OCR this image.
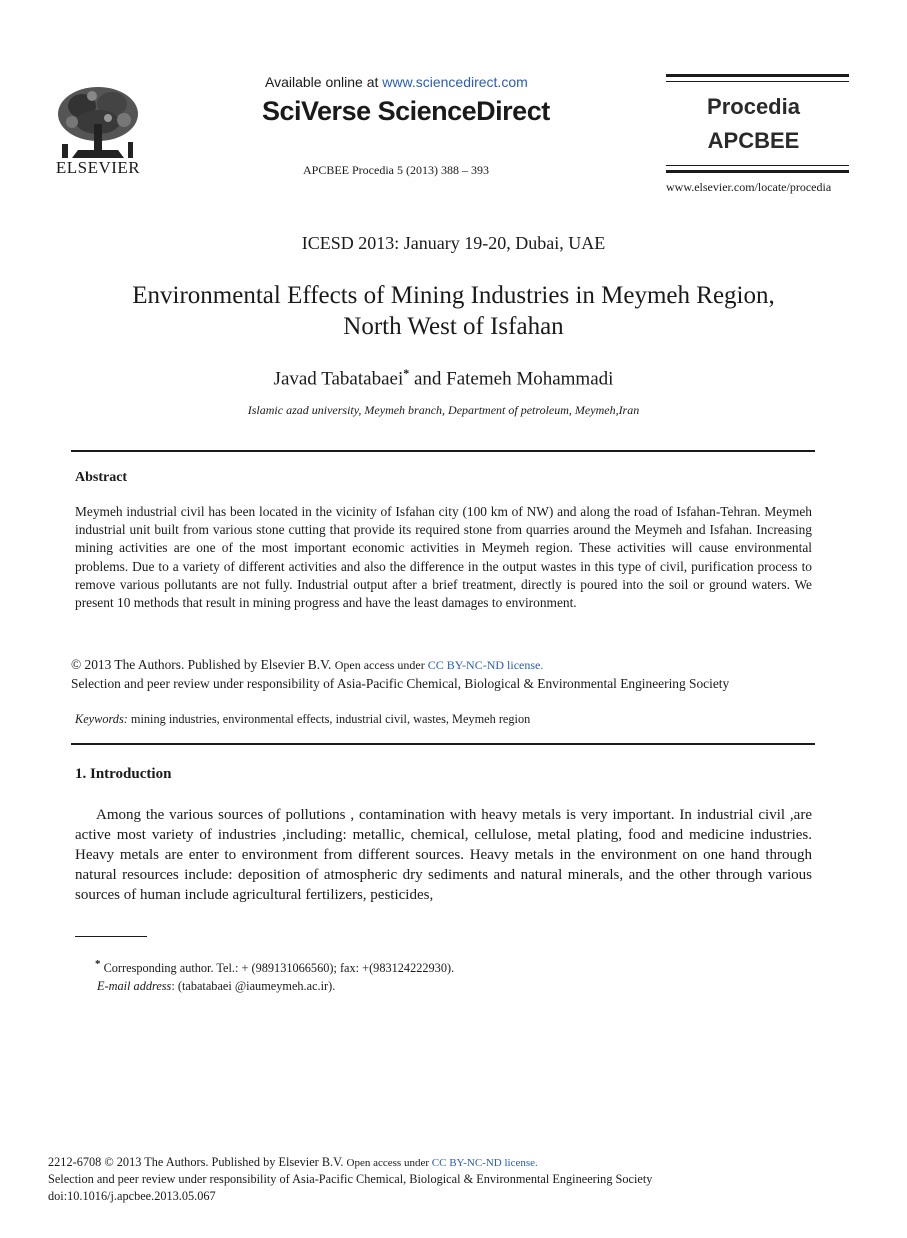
ELSEVIER
Available online at www.sciencedirect.com
SciVerse ScienceDirect
APCBEE Procedia 5 (2013) 388 – 393
Procedia
APCBEE
www.elsevier.com/locate/procedia
ICESD 2013: January 19-20, Dubai, UAE
Environmental Effects of Mining Industries in Meymeh Region,
North West of Isfahan
Javad Tabatabaei* and Fatemeh Mohammadi
Islamic azad university, Meymeh branch, Department of petroleum, Meymeh,Iran
Abstract
Meymeh industrial civil has been located in the vicinity of Isfahan city (100 km of NW) and along the road of Isfahan-Tehran. Meymeh industrial unit built from various stone cutting that provide its required stone from quarries around the Meymeh and Isfahan. Increasing mining activities are one of the most important economic activities in Meymeh region. These activities will cause environmental problems. Due to a variety of different activities and also the difference in the output wastes in this type of civil, purification process to remove various pollutants are not fully. Industrial output after a brief treatment, directly is poured into the soil or ground waters. We present 10 methods that result in mining progress and have the least damages to environment.
© 2013 The Authors. Published by Elsevier B.V. Open access under CC BY-NC-ND license.
Selection and peer review under responsibility of Asia-Pacific Chemical, Biological & Environmental Engineering Society
Keywords: mining industries, environmental effects, industrial civil, wastes, Meymeh region
1. Introduction
Among the various sources of pollutions , contamination with heavy metals is very important. In industrial civil ,are active most variety of industries ,including: metallic, chemical, cellulose, metal plating, food and medicine industries. Heavy metals are enter to environment from different sources. Heavy metals in the environment on one hand through natural resources include: deposition of atmospheric dry sediments and natural minerals, and the other through various sources of human include agricultural fertilizers, pesticides,
* Corresponding author. Tel.: + (989131066560); fax: +(983124222930).
E-mail address: (tabatabaei @iaumeymeh.ac.ir).
2212-6708 © 2013 The Authors. Published by Elsevier B.V. Open access under CC BY-NC-ND license.
Selection and peer review under responsibility of Asia-Pacific Chemical, Biological & Environmental Engineering Society
doi:10.1016/j.apcbee.2013.05.067
